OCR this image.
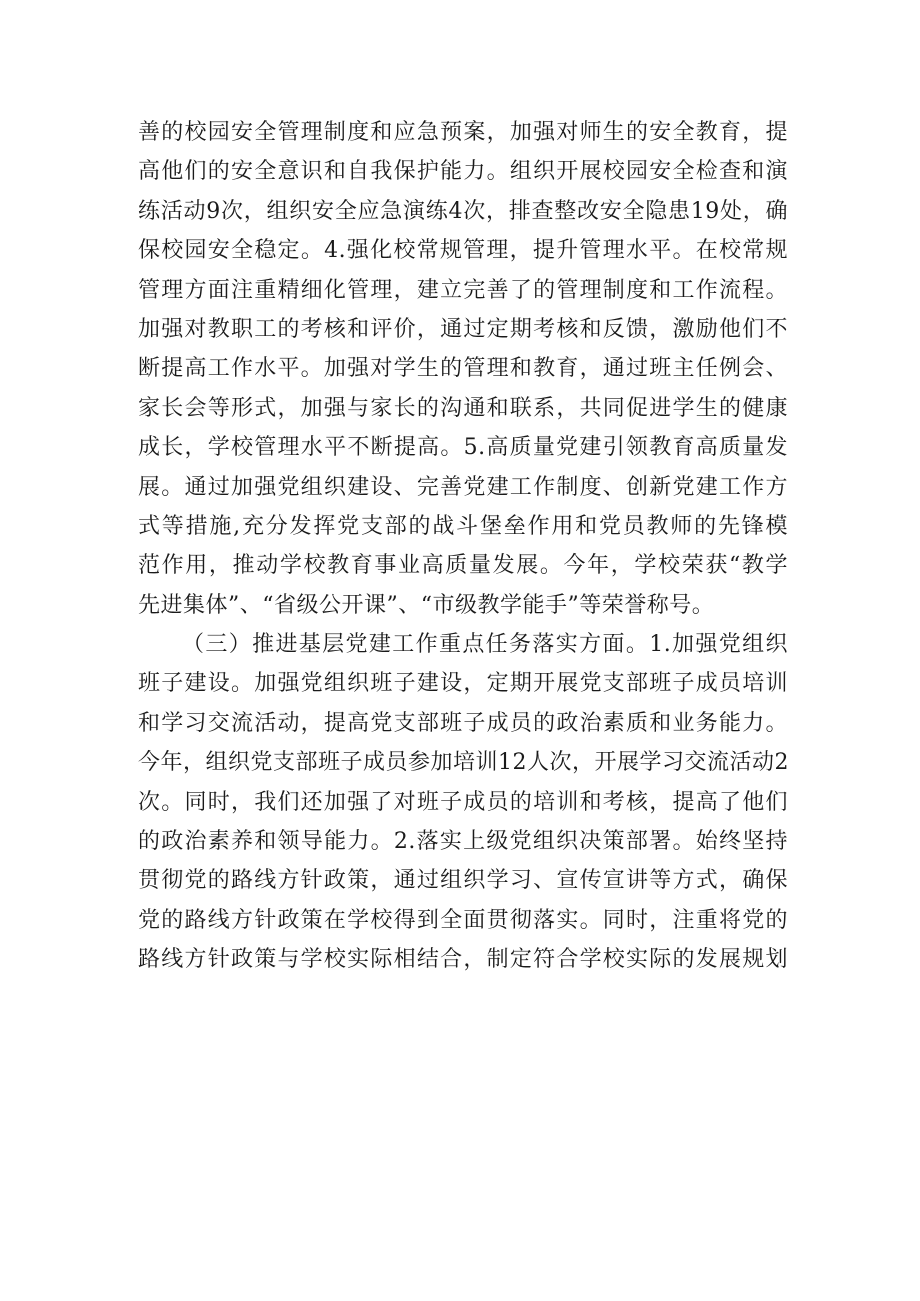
善的校园安全管理制度和应急预案，加强对师生的安全教育，提
高他们的安全意识和自我保护能力。组织开展校园安全检查和演
练活动9次，组织安全应急演练4次，排查整改安全隐患19处，确
保校园安全稳定。4.强化校常规管理，提升管理水平。在校常规
管理方面注重精细化管理，建立完善了的管理制度和工作流程。
加强对教职工的考核和评价，通过定期考核和反馈，激励他们不
断提高工作水平。加强对学生的管理和教育，通过班主任例会、
家长会等形式，加强与家长的沟通和联系，共同促进学生的健康
成长，学校管理水平不断提高。5.高质量党建引领教育高质量发
展。通过加强党组织建设、完善党建工作制度、创新党建工作方
式等措施,充分发挥党支部的战斗堡垒作用和党员教师的先锋模
范作用，推动学校教育事业高质量发展。今年，学校荣获“教学
先进集体”、“省级公开课”、“市级教学能手”等荣誉称号。
（三）推进基层党建工作重点任务落实方面。1.加强党组织
班子建设。加强党组织班子建设，定期开展党支部班子成员培训
和学习交流活动，提高党支部班子成员的政治素质和业务能力。
今年，组织党支部班子成员参加培训12人次，开展学习交流活动2
次。同时，我们还加强了对班子成员的培训和考核，提高了他们
的政治素养和领导能力。2.落实上级党组织决策部署。始终坚持
贯彻党的路线方针政策，通过组织学习、宣传宣讲等方式，确保
党的路线方针政策在学校得到全面贯彻落实。同时，注重将党的
路线方针政策与学校实际相结合，制定符合学校实际的发展规划
